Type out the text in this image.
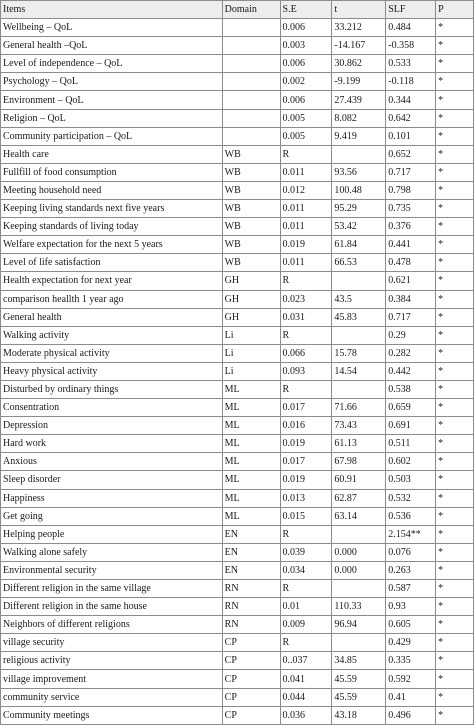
Items	Domain	S.E	t	SLF	P
Wellbeing – QoL		0.006	33.212	0.484	*
General health –QoL		0.003	-14.167	-0.358	*
Level of independence – QoL		0.006	30.862	0.533	*
Psychology – QoL		0.002	-9.199	-0.118	*
Environment – QoL		0.006	27.439	0.344	*
Religion – QoL		0.005	8.082	0.642	*
Community participation – QoL		0.005	9.419	0.101	*
Health care	WB	R		0.652	*
Fullfill of food consumption	WB	0.011	93.56	0.717	*
Meeting household need	WB	0.012	100.48	0.798	*
Keeping living standards next five years	WB	0.011	95.29	0.735	*
Keeping standards of living today	WB	0.011	53.42	0.376	*
Welfare expectation for the next 5 years	WB	0.019	61.84	0.441	*
Level of life satisfaction	WB	0.011	66.53	0.478	*
Health expectation for next year	GH	R		0.621	*
comparison heallth 1 year ago	GH	0.023	43.5	0.384	*
General health	GH	0.031	45.83	0.717	*
Walking activity	Li	R		0.29	*
Moderate physical activity	Li	0.066	15.78	0.282	*
Heavy physical activity	Li	0.093	14.54	0.442	*
Disturbed by ordinary things	ML	R		0.538	*
Consentration	ML	0.017	71.66	0.659	*
Depression	ML	0.016	73.43	0.691	*
Hard work	ML	0.019	61.13	0.511	*
Anxious	ML	0.017	67.98	0.602	*
Sleep disorder	ML	0.019	60.91	0.503	*
Happiness	ML	0.013	62.87	0.532	*
Get going	ML	0.015	63.14	0.536	*
Helping people	EN	R		2.154**	*
Walking alone safely	EN	0.039	0.000	0.076	*
Environmental security	EN	0.034	0.000	0.263	*
Different religion in the same village	RN	R		0.587	*
Different religion in the same house	RN	0.01	110.33	0.93	*
Neighbors of different religions	RN	0.009	96.94	0.605	*
village security	CP	R		0.429	*
religious activity	CP	0..037	34.85	0.335	*
village improvement	CP	0.041	45.59	0.592	*
community service	CP	0.044	45.59	0.41	*
Community meetings	CP	0.036	43.18	0.496	*
